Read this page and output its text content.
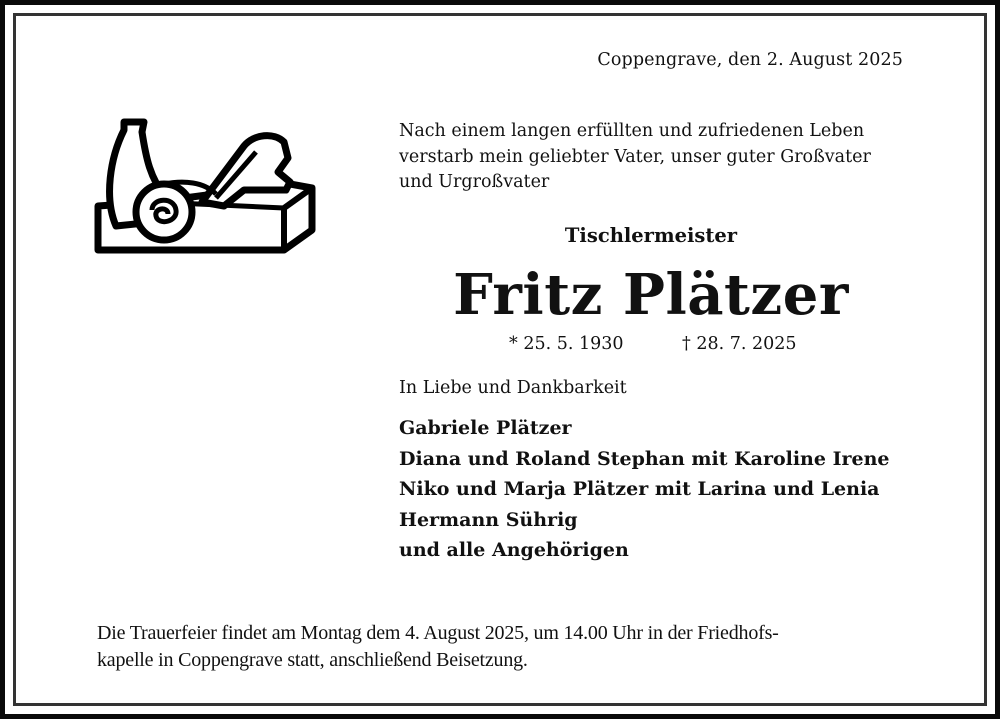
Coppengrave, den 2. August 2025
Nach einem langen erfüllten und zufriedenen Leben
verstarb mein geliebter Vater, unser guter Großvater
und Urgroßvater
Tischlermeister
Fritz Plätzer
* 25. 5. 1930	† 28. 7. 2025
In Liebe und Dankbarkeit
Gabriele Plätzer
Diana und Roland Stephan mit Karoline Irene
Niko und Marja Plätzer mit Larina und Lenia
Hermann Sührig
und alle Angehörigen
Die Trauerfeier findet am Montag dem 4. August 2025, um 14.00 Uhr in der Friedhofs-
kapelle in Coppengrave statt, anschließend Beisetzung.
